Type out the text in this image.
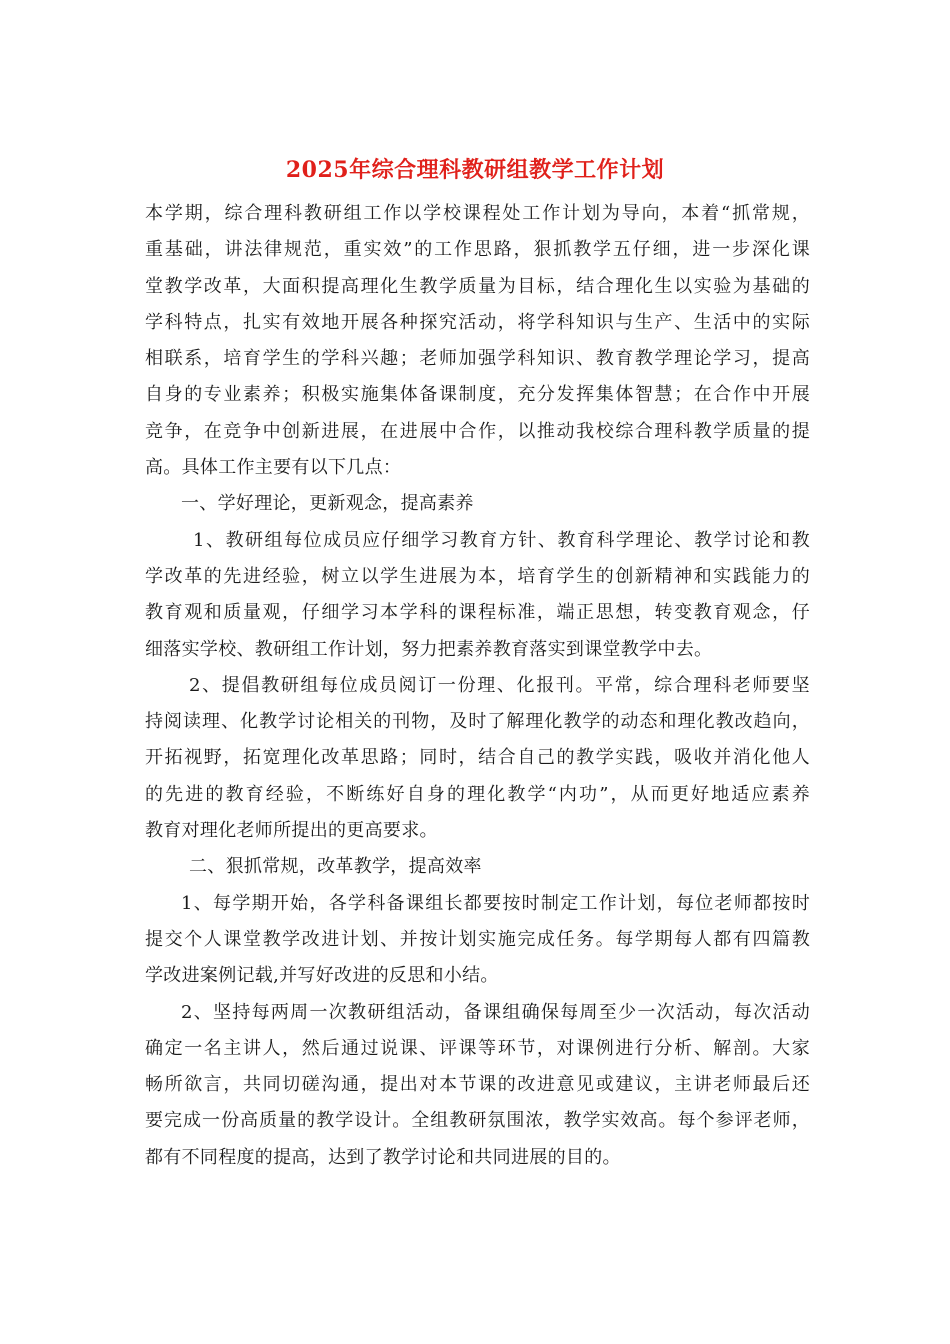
2025年综合理科教研组教学工作计划
本学期，综合理科教研组工作以学校课程处工作计划为导向，本着“抓常规，
重基础，讲法律规范，重实效”的工作思路，狠抓教学五仔细，进一步深化课
堂教学改革，大面积提高理化生教学质量为目标，结合理化生以实验为基础的
学科特点，扎实有效地开展各种探究活动，将学科知识与生产、生活中的实际
相联系，培育学生的学科兴趣；老师加强学科知识、教育教学理论学习，提高
自身的专业素养；积极实施集体备课制度，充分发挥集体智慧；在合作中开展
竞争，在竞争中创新进展，在进展中合作，以推动我校综合理科教学质量的提
高。具体工作主要有以下几点：
一、学好理论，更新观念，提高素养
1、教研组每位成员应仔细学习教育方针、教育科学理论、教学讨论和教
学改革的先进经验，树立以学生进展为本，培育学生的创新精神和实践能力的
教育观和质量观，仔细学习本学科的课程标准，端正思想，转变教育观念，仔
细落实学校、教研组工作计划，努力把素养教育落实到课堂教学中去。
2、提倡教研组每位成员阅订一份理、化报刊。平常，综合理科老师要坚
持阅读理、化教学讨论相关的刊物，及时了解理化教学的动态和理化教改趋向，
开拓视野，拓宽理化改革思路；同时，结合自己的教学实践，吸收并消化他人
的先进的教育经验，不断练好自身的理化教学“内功”，从而更好地适应素养
教育对理化老师所提出的更高要求。
二、狠抓常规，改革教学，提高效率
1、每学期开始，各学科备课组长都要按时制定工作计划，每位老师都按时
提交个人课堂教学改进计划、并按计划实施完成任务。每学期每人都有四篇教
学改进案例记载,并写好改进的反思和小结。
2、坚持每两周一次教研组活动，备课组确保每周至少一次活动，每次活动
确定一名主讲人，然后通过说课、评课等环节，对课例进行分析、解剖。大家
畅所欲言，共同切磋沟通，提出对本节课的改进意见或建议，主讲老师最后还
要完成一份高质量的教学设计。全组教研氛围浓，教学实效高。每个参评老师，
都有不同程度的提高，达到了教学讨论和共同进展的目的。
